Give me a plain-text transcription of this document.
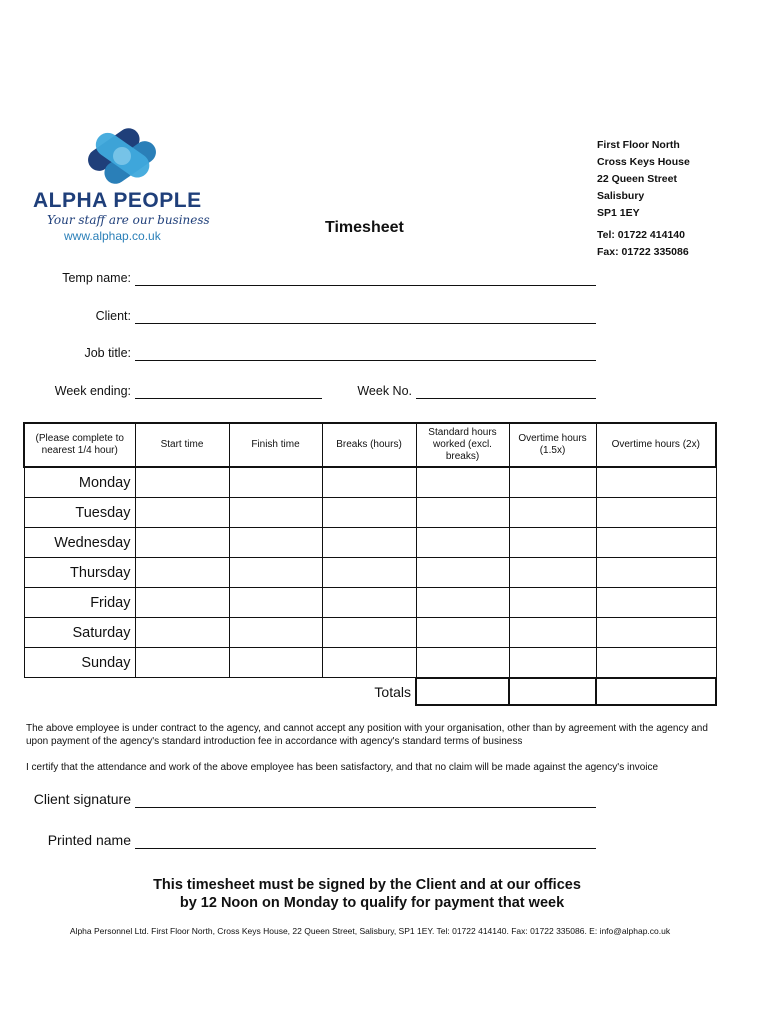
ALPHA PEOPLE
Your staff are our business
www.alphap.co.uk
First Floor North
Cross Keys House
22 Queen Street
Salisbury
SP1 1EY
Tel: 01722 414140
Fax: 01722 335086
Timesheet
Temp name:
Client:
Job title:
Week ending:	Week No.
(Please complete to nearest 1/4 hour)	Start time	Finish time	Breaks (hours)	Standard hours worked (excl. breaks)	Overtime hours (1.5x)	Overtime hours (2x)
Monday						
Tuesday						
Wednesday						
Thursday						
Friday						
Saturday						
Sunday						
			Totals			
The above employee is under contract to the agency, and cannot accept any position with your organisation, other than by agreement with the agency and upon payment of the agency's standard introduction fee in accordance with agency's standard terms of business
I certify that the attendance and work of the above employee has been satisfactory, and that no claim will be made against the agency's invoice
Client signature
Printed name
This timesheet must be signed by the Client and at our offices
by 12 Noon on Monday to qualify for payment that week
Alpha Personnel Ltd. First Floor North, Cross Keys House, 22 Queen Street, Salisbury, SP1 1EY. Tel: 01722 414140. Fax: 01722 335086. E: info@alphap.co.uk
